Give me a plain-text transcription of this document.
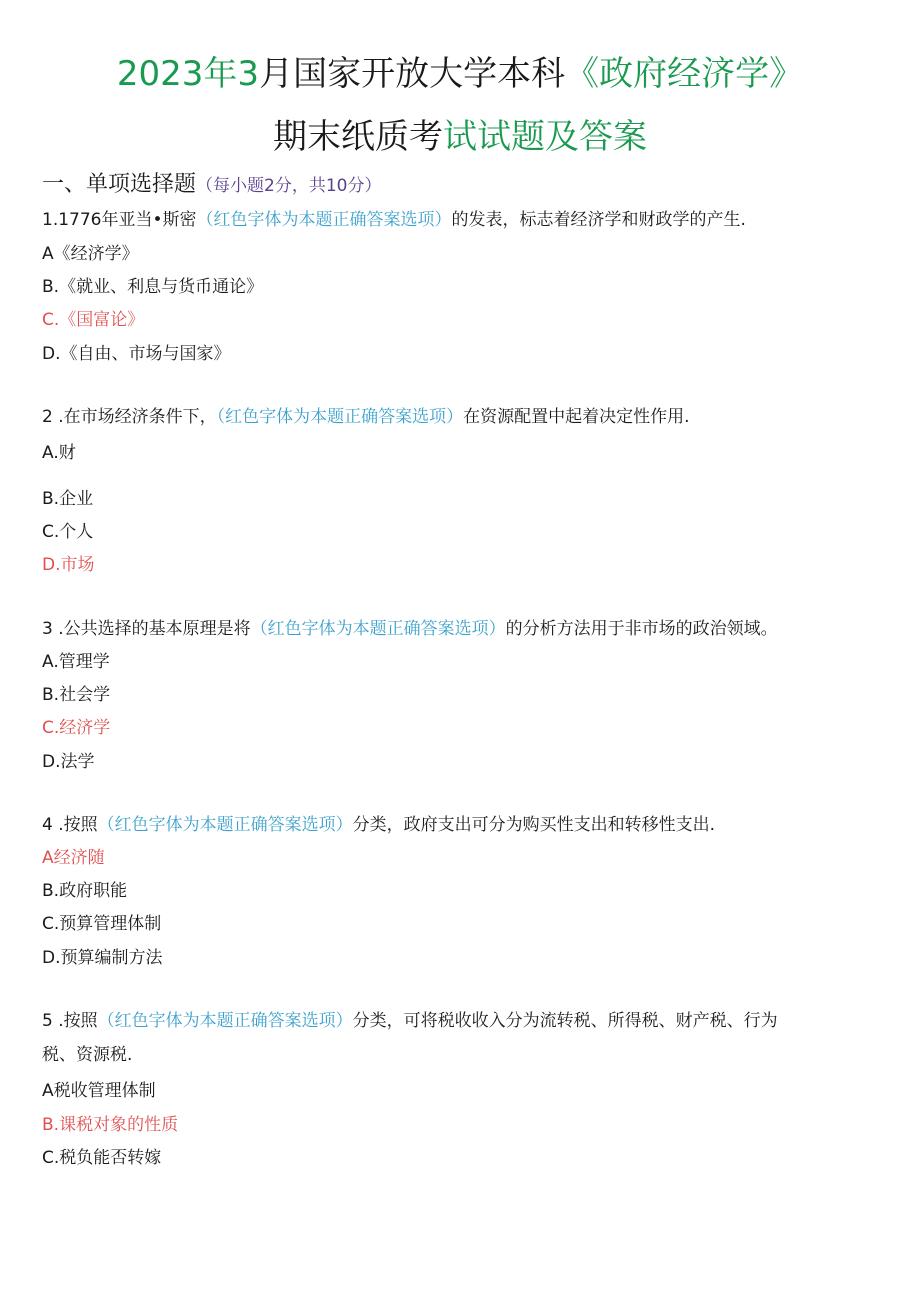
2023年3月国家开放大学本科《政府经济学》
期末纸质考试试题及答案
一、单项选择题（每小题2分，共10分）
1.1776年亚当•斯密（红色字体为本题正确答案选项）的发表，标志着经济学和财政学的产生.
A《经济学》
B.《就业、利息与货币通论》
C.《国富论》
D.《自由、市场与国家》
2 .在市场经济条件下，（红色字体为本题正确答案选项）在资源配置中起着决定性作用.
A.财
B.企业
C.个人
D.市场
3 .公共选择的基本原理是将（红色字体为本题正确答案选项）的分析方法用于非市场的政治领域。
A.管理学
B.社会学
C.经济学
D.法学
4 .按照（红色字体为本题正确答案选项）分类，政府支出可分为购买性支出和转移性支出.
A经济随
B.政府职能
C.预算管理体制
D.预算编制方法
5 .按照（红色字体为本题正确答案选项）分类，可将税收收入分为流转税、所得税、财产税、行为
税、资源税.
A税收管理体制
B.课税对象的性质
C.税负能否转嫁
